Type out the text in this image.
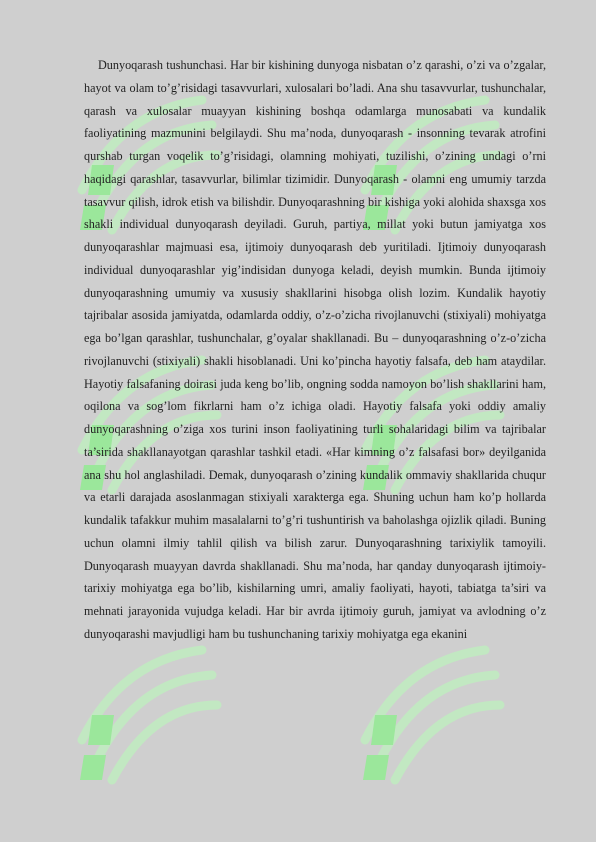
Dunyoqarash tushunchasi. Har bir kishining dunyoga nisbatan o’z qarashi, o’zi va o’zgalar, hayot va olam to’g’risidagi tasavvurlari, xulosalari bo’ladi. Ana shu tasavvurlar, tushunchalar, qarash va xulosalar muayyan kishining boshqa odamlarga munosabati va kundalik faoliyatining mazmunini belgilaydi. Shu ma’noda, dunyoqarash - insonning tevarak atrofini qurshab turgan voqelik to’g’risidagi, olamning mohiyati, tuzilishi, o’zining undagi o’rni haqidagi qarashlar, tasavvurlar, bilimlar tizimidir. Dunyoqarash - olamni eng umumiy tarzda tasavvur qilish, idrok etish va bilishdir. Dunyoqarashning bir kishiga yoki alohida shaxsga xos shakli individual dunyoqarash deyiladi. Guruh, partiya, millat yoki butun jamiyatga xos dunyoqarashlar majmuasi esa, ijtimoiy dunyoqarash deb yuritiladi. Ijtimoiy dunyoqarash individual dunyoqarashlar yig’indisidan dunyoga keladi, deyish mumkin. Bunda ijtimoiy dunyoqarashning umumiy va xususiy shakllarini hisobga olish lozim. Kundalik hayotiy tajribalar asosida jamiyatda, odamlarda oddiy, o’z-o’zicha rivojlanuvchi (stixiyali) mohiyatga ega bo’lgan qarashlar, tushunchalar, g’oyalar shakllanadi. Bu – dunyoqarashning o’z-o’zicha rivojlanuvchi (stixiyali) shakli hisoblanadi. Uni ko’pincha hayotiy falsafa, deb ham ataydilar. Hayotiy falsafaning doirasi juda keng bo’lib, ongning sodda namoyon bo’lish shakllarini ham, oqilona va sog’lom fikrlarni ham o’z ichiga oladi. Hayotiy falsafa yoki oddiy amaliy dunyoqarashning o’ziga xos turini inson faoliyatining turli sohalaridagi bilim va tajribalar ta’sirida shakllanayotgan qarashlar tashkil etadi. «Har kimning o’z falsafasi bor» deyilganida ana shu hol anglashiladi. Demak, dunyoqarash o’zining kundalik ommaviy shakllarida chuqur va etarli darajada asoslanmagan stixiyali xarakterga ega. Shuning uchun ham ko’p hollarda kundalik tafakkur muhim masalalarni to’g’ri tushuntirish va baholashga ojizlik qiladi. Buning uchun olamni ilmiy tahlil qilish va bilish zarur. Dunyoqarashning tarixiylik tamoyili. Dunyoqarash muayyan davrda shakllanadi. Shu ma’noda, har qanday dunyoqarash ijtimoiy-tarixiy mohiyatga ega bo’lib, kishilarning umri, amaliy faoliyati, hayoti, tabiatga ta’siri va mehnati jarayonida vujudga keladi. Har bir avrda ijtimoiy guruh, jamiyat va avlodning o’z dunyoqarashi mavjudligi ham bu tushunchaning tarixiy mohiyatga ega ekanini
